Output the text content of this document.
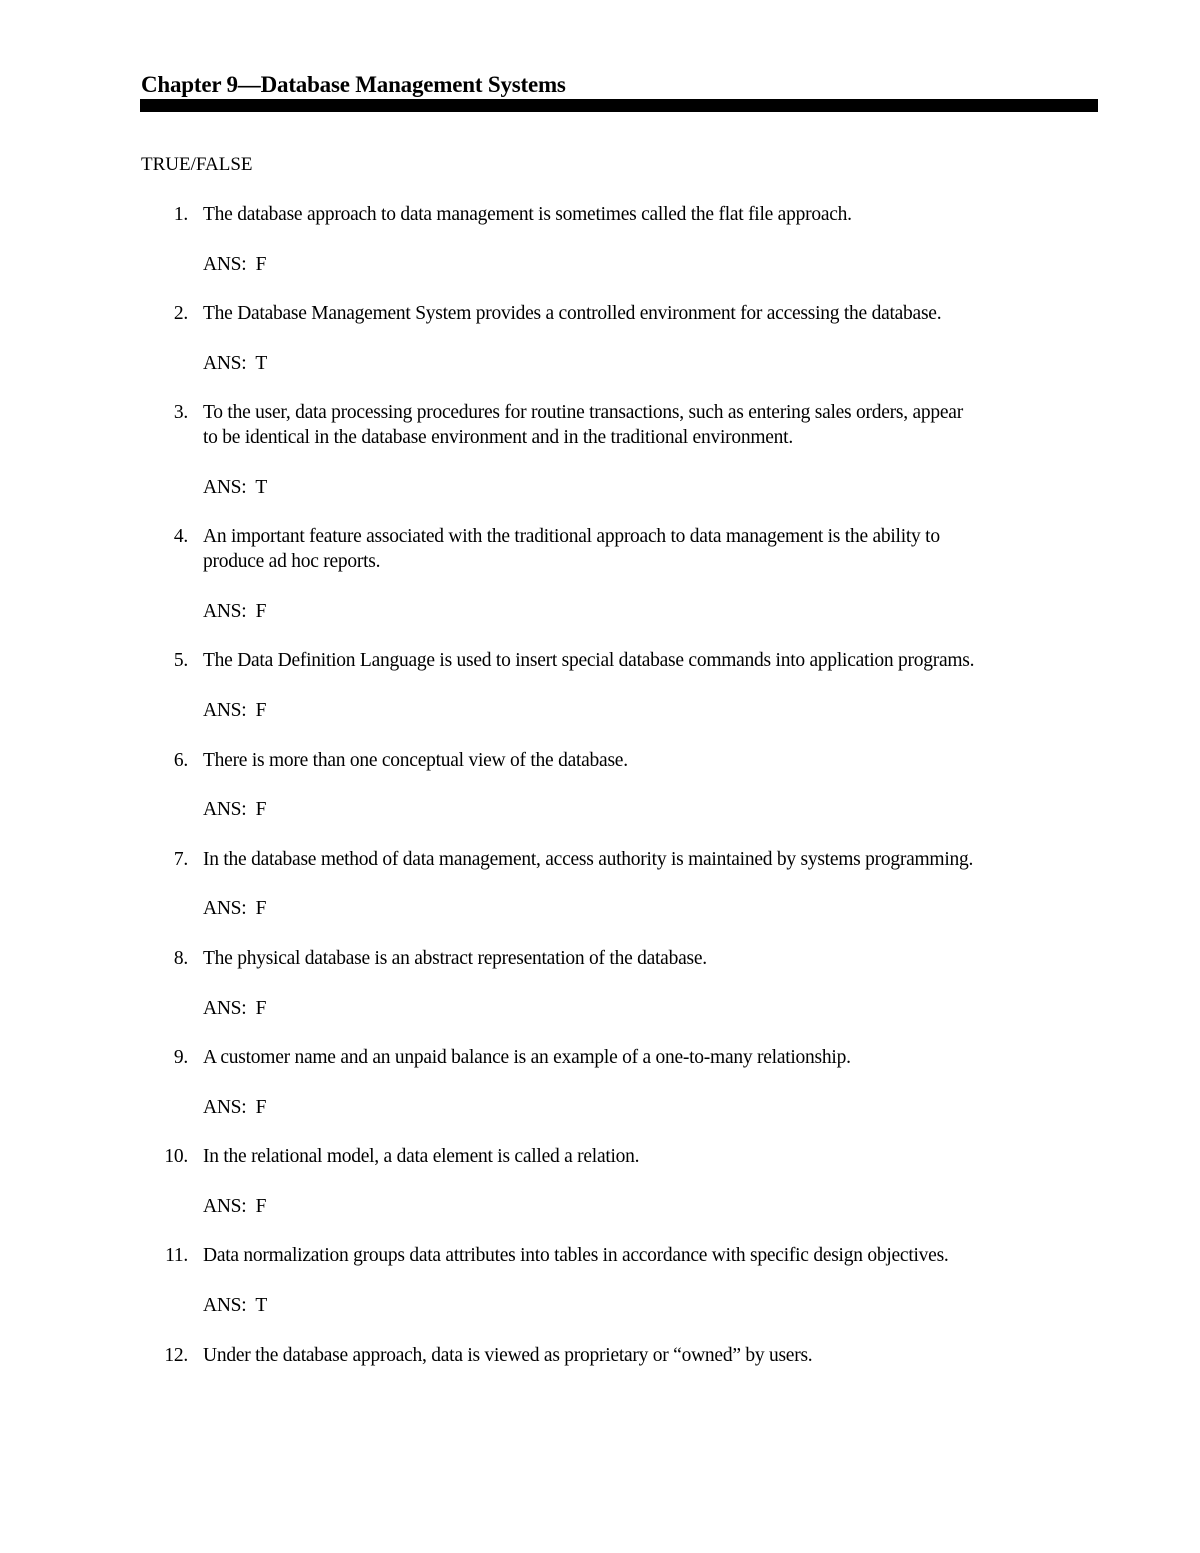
Chapter 9—Database Management Systems
TRUE/FALSE
1. The database approach to data management is sometimes called the flat file approach.
ANS:  F
2. The Database Management System provides a controlled environment for accessing the database.
ANS:  T
3. To the user, data processing procedures for routine transactions, such as entering sales orders, appear
to be identical in the database environment and in the traditional environment.
ANS:  T
4. An important feature associated with the traditional approach to data management is the ability to
produce ad hoc reports.
ANS:  F
5. The Data Definition Language is used to insert special database commands into application programs.
ANS:  F
6. There is more than one conceptual view of the database.
ANS:  F
7. In the database method of data management, access authority is maintained by systems programming.
ANS:  F
8. The physical database is an abstract representation of the database.
ANS:  F
9. A customer name and an unpaid balance is an example of a one-to-many relationship.
ANS:  F
10. In the relational model, a data element is called a relation.
ANS:  F
11. Data normalization groups data attributes into tables in accordance with specific design objectives.
ANS:  T
12. Under the database approach, data is viewed as proprietary or “owned” by users.
